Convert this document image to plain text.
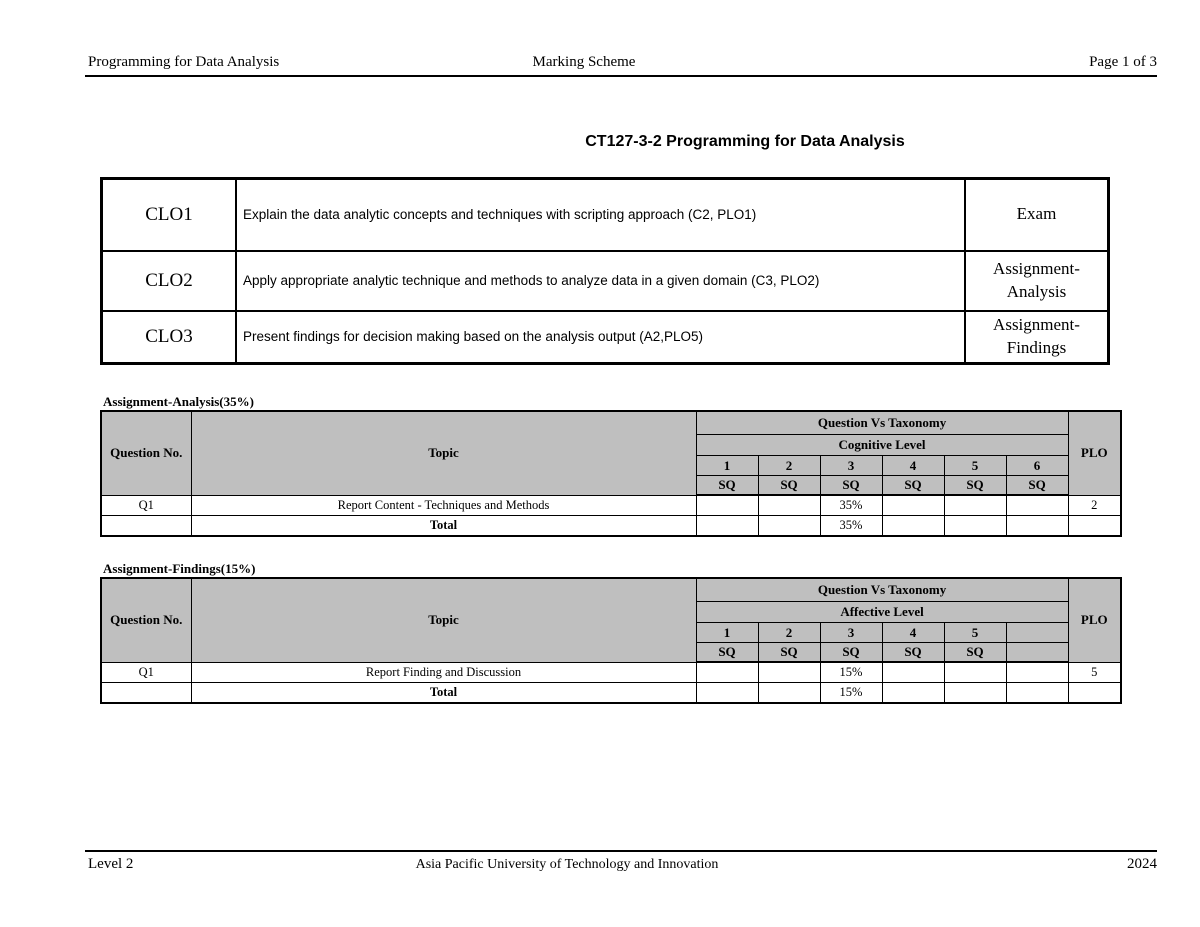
Programming for Data Analysis	Marking Scheme	Page 1 of 3
CT127-3-2 Programming for Data Analysis
CLO1	Explain the data analytic concepts and techniques with scripting approach (C2, PLO1)	Exam
CLO2	Apply appropriate analytic technique and methods to analyze data in a given domain (C3, PLO2)	Assignment-Analysis
CLO3	Present findings for decision making based on the analysis output (A2,PLO5)	Assignment-Findings
Assignment-Analysis(35%)
Question No.	Topic	Question Vs Taxonomy						PLO
		Cognitive Level						
		1	2	3	4	5	6	
		SQ	SQ	SQ	SQ	SQ	SQ	
Q1	Report Content - Techniques and Methods			35%				2
	Total			35%				
Assignment-Findings(15%)
Question No.	Topic	Question Vs Taxonomy						PLO
		Affective Level						
		1	2	3	4	5		
		SQ	SQ	SQ	SQ	SQ		
Q1	Report Finding and Discussion			15%				5
	Total			15%				
Level 2	Asia Pacific University of Technology and Innovation	2024
